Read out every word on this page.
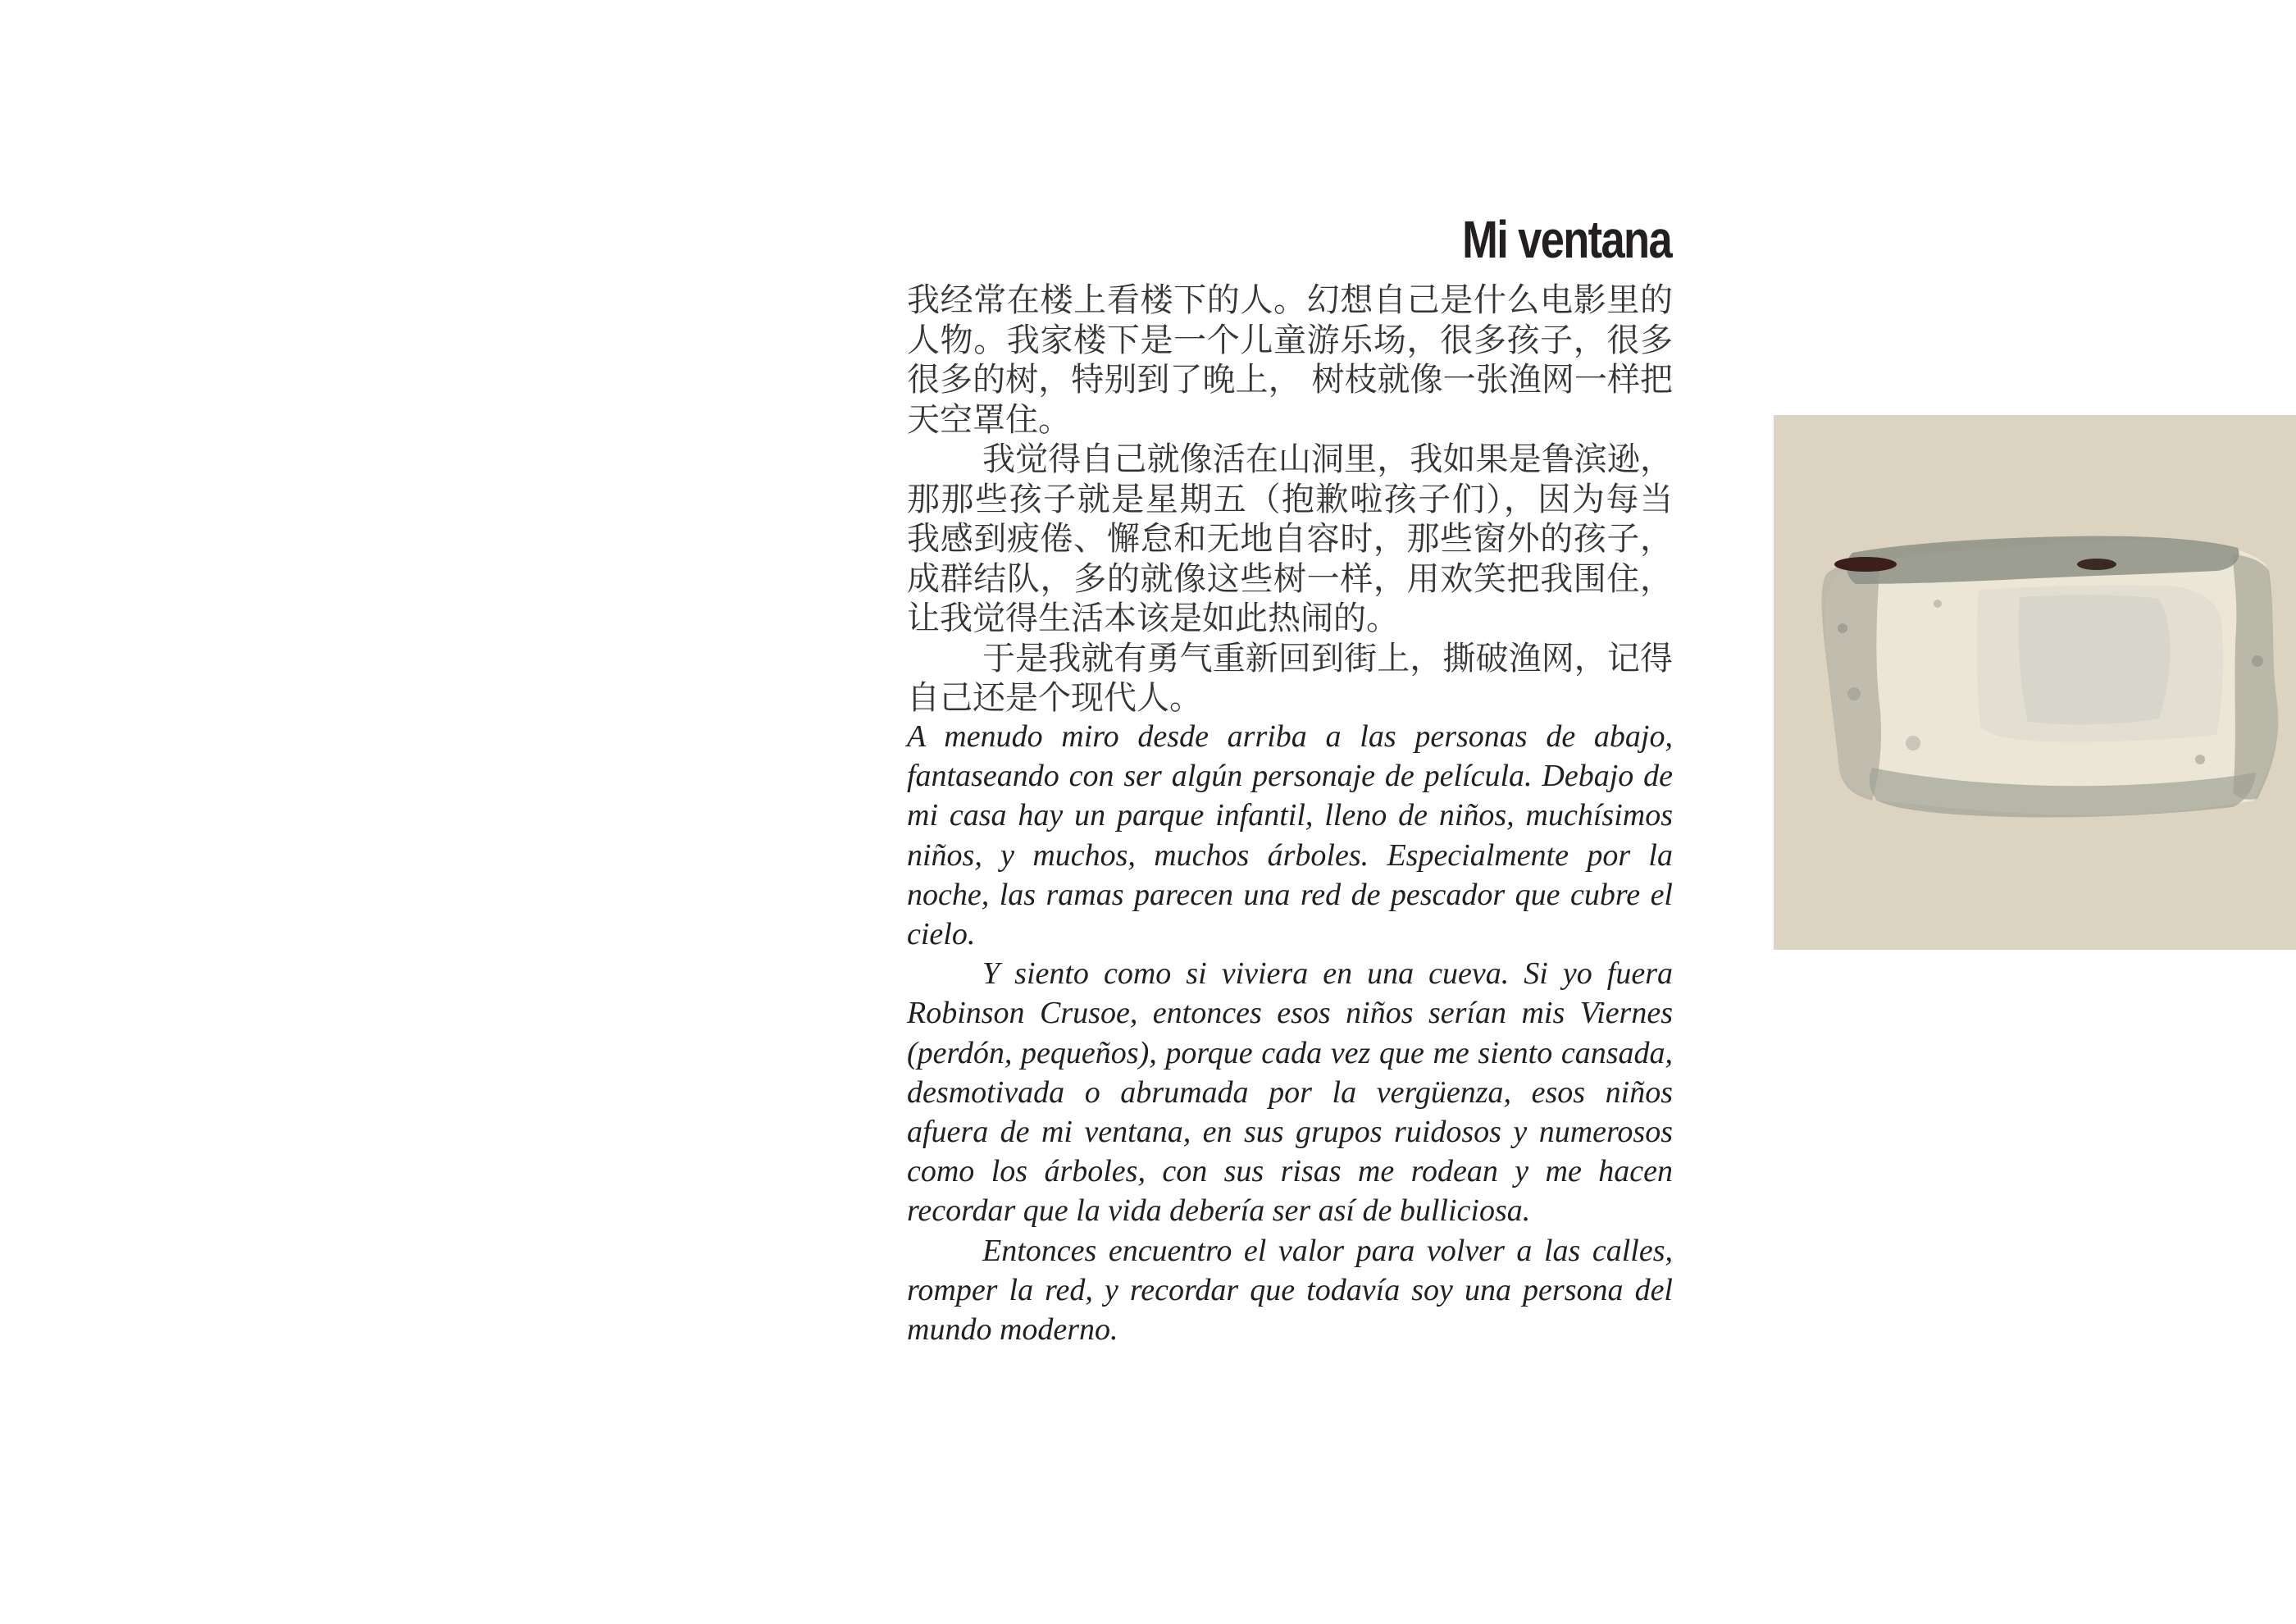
Mi ventana

我经常在楼上看楼下的人。幻想自己是什么电影里的人物。我家楼下是一个儿童游乐场，很多孩子，很多很多的树，特别到了晚上， 树枝就像一张渔网一样把天空罩住。

我觉得自己就像活在山洞里，我如果是鲁滨逊，那那些孩子就是星期五（抱歉啦孩子们），因为每当我感到疲倦、懈怠和无地自容时，那些窗外的孩子，成群结队，多的就像这些树一样，用欢笑把我围住，让我觉得生活本该是如此热闹的。

于是我就有勇气重新回到街上，撕破渔网，记得自己还是个现代人。

A menudo miro desde arriba a las personas de abajo, fantaseando con ser algún personaje de película. Debajo de mi casa hay un parque infantil, lleno de niños, muchísimos niños, y muchos, muchos árboles. Especialmente por la noche, las ramas parecen una red de pescador que cubre el cielo.

Y siento como si viviera en una cueva. Si yo fuera Robinson Crusoe, entonces esos niños serían mis Viernes (perdón, pequeños), porque cada vez que me siento cansada, desmotivada o abrumada por la vergüenza, esos niños afuera de mi ventana, en sus grupos ruidosos y numerosos como los árboles, con sus risas me rodean y me hacen recordar que la vida debería ser así de bulliciosa.

Entonces encuentro el valor para volver a las calles, romper la red, y recordar que todavía soy una persona del mundo moderno.
